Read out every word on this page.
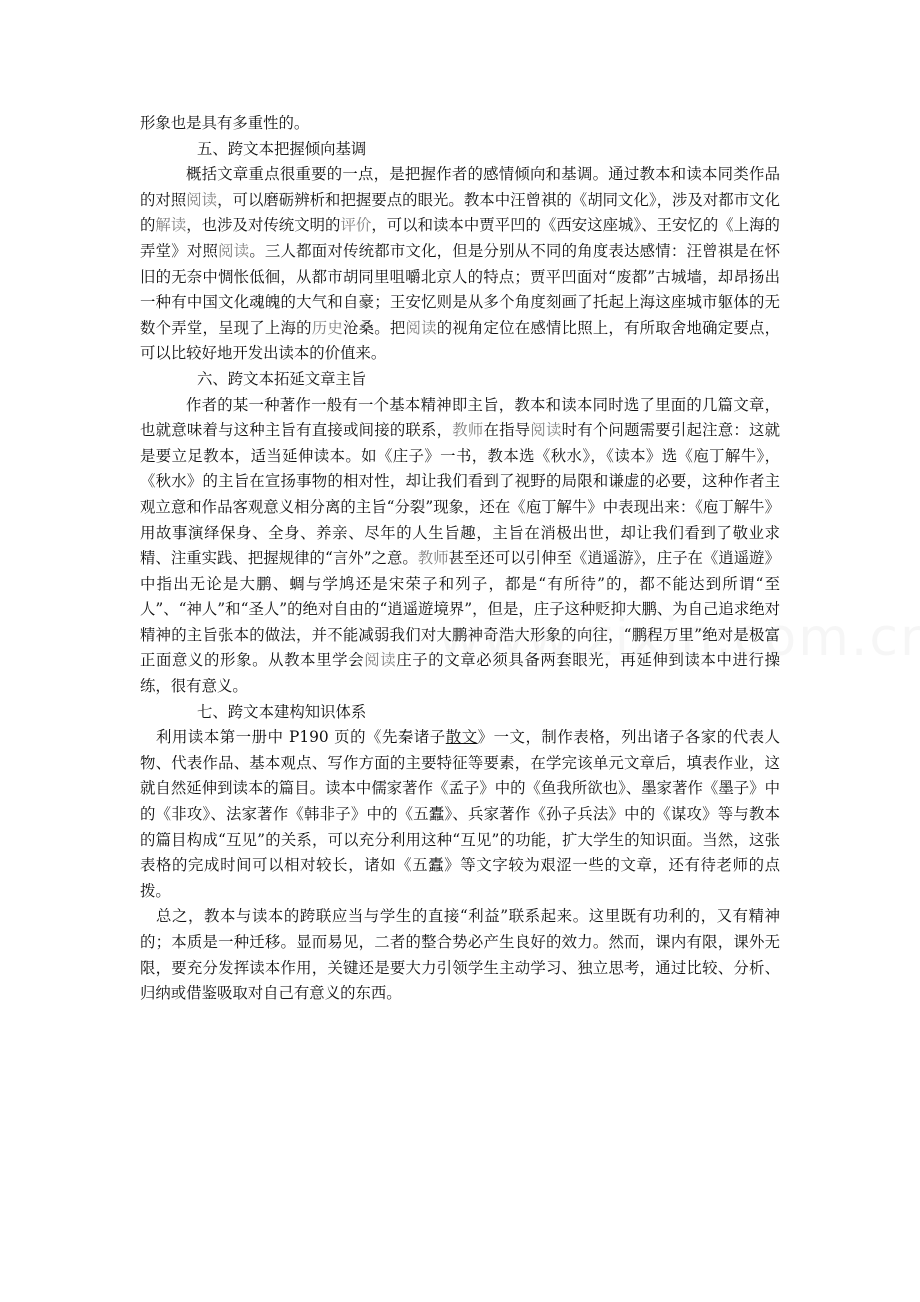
形象也是具有多重性的。

五、跨文本把握倾向基调

概括文章重点很重要的一点，是把握作者的感情倾向和基调。通过教本和读本同类作品的对照阅读，可以磨砺辨析和把握要点的眼光。教本中汪曾祺的《胡同文化》，涉及对都市文化的解读，也涉及对传统文明的评价，可以和读本中贾平凹的《西安这座城》、王安忆的《上海的弄堂》对照阅读。三人都面对传统都市文化，但是分别从不同的角度表达感情：汪曾祺是在怀旧的无奈中惆怅低徊，从都市胡同里咀嚼北京人的特点；贾平凹面对“废都”古城墙，却昂扬出一种有中国文化魂魄的大气和自豪；王安忆则是从多个角度刻画了托起上海这座城市躯体的无数个弄堂，呈现了上海的历史沧桑。把阅读的视角定位在感情比照上，有所取舍地确定要点，可以比较好地开发出读本的价值来。

六、跨文本拓延文章主旨

作者的某一种著作一般有一个基本精神即主旨，教本和读本同时选了里面的几篇文章，也就意味着与这种主旨有直接或间接的联系，教师在指导阅读时有个问题需要引起注意：这就是要立足教本，适当延伸读本。如《庄子》一书，教本选《秋水》，《读本》选《庖丁解牛》，《秋水》的主旨在宣扬事物的相对性，却让我们看到了视野的局限和谦虚的必要，这种作者主观立意和作品客观意义相分离的主旨“分裂”现象，还在《庖丁解牛》中表现出来：《庖丁解牛》用故事演绎保身、全身、养亲、尽年的人生旨趣，主旨在消极出世，却让我们看到了敬业求精、注重实践、把握规律的“言外”之意。教师甚至还可以引伸至《逍遥游》，庄子在《逍遥遊》中指出无论是大鹏、蜩与学鸠还是宋荣子和列子，都是“有所待”的，都不能达到所谓“至人”、“神人”和“圣人”的绝对自由的“逍遥遊境界”，但是，庄子这种贬抑大鹏、为自己追求绝对精神的主旨张本的做法，并不能减弱我们对大鹏神奇浩大形象的向往，“鹏程万里”绝对是极富正面意义的形象。从教本里学会阅读庄子的文章必须具备两套眼光，再延伸到读本中进行操练，很有意义。

七、跨文本建构知识体系

利用读本第一册中 P190 页的《先秦诸子散文》一文，制作表格，列出诸子各家的代表人物、代表作品、基本观点、写作方面的主要特征等要素，在学完该单元文章后，填表作业，这就自然延伸到读本的篇目。读本中儒家著作《孟子》中的《鱼我所欲也》、墨家著作《墨子》中的《非攻》、法家著作《韩非子》中的《五蠹》、兵家著作《孙子兵法》中的《谋攻》等与教本的篇目构成“互见”的关系，可以充分利用这种“互见”的功能，扩大学生的知识面。当然，这张表格的完成时间可以相对较长，诸如《五蠹》等文字较为艰涩一些的文章，还有待老师的点拨。

总之，教本与读本的跨联应当与学生的直接“利益”联系起来。这里既有功利的，又有精神的；本质是一种迁移。显而易见，二者的整合势必产生良好的效力。然而，课内有限，课外无限，要充分发挥读本作用，关键还是要大力引领学生主动学习、独立思考，通过比较、分析、归纳或借鉴吸取对自己有意义的东西。
